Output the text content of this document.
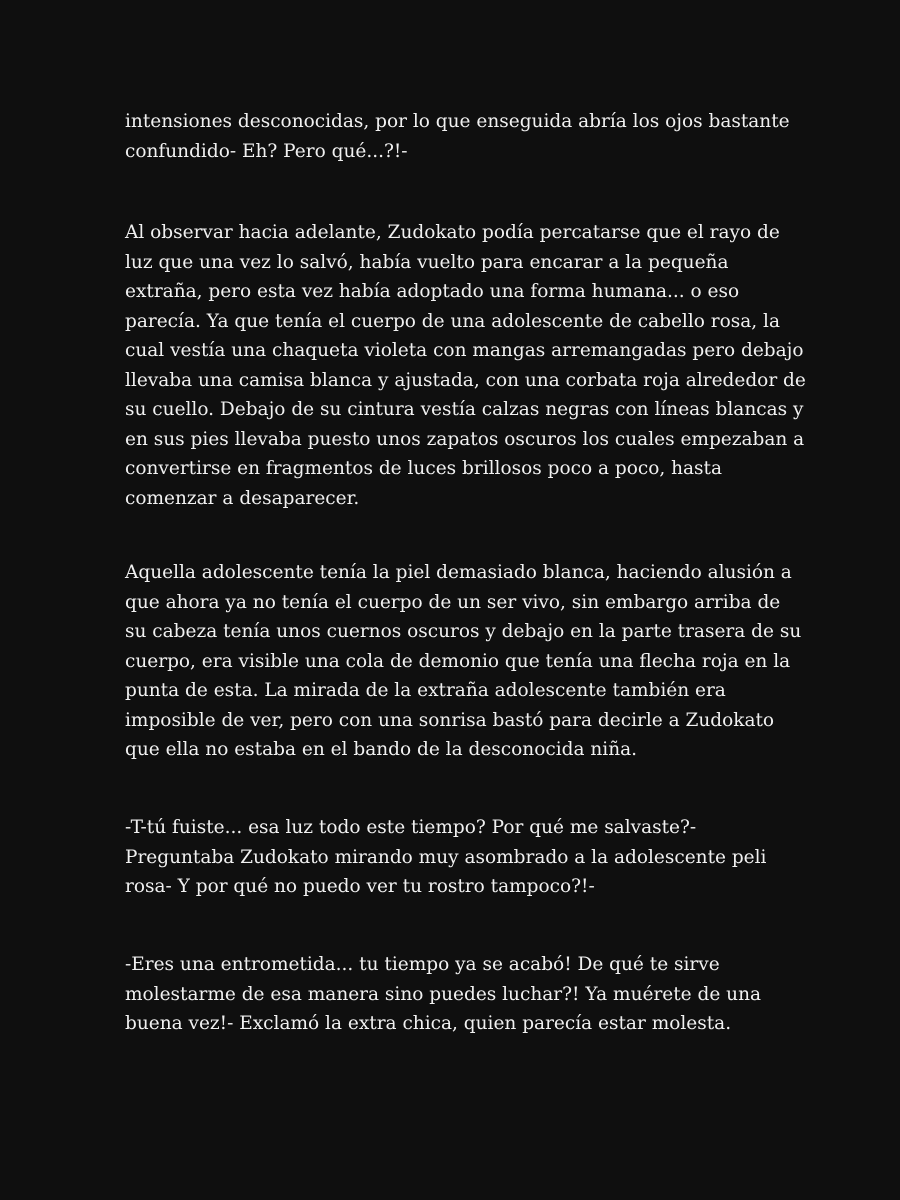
intensiones desconocidas, por lo que enseguida abría los ojos bastante
confundido- Eh? Pero qué...?!-

Al observar hacia adelante, Zudokato podía percatarse que el rayo de
luz que una vez lo salvó, había vuelto para encarar a la pequeña
extraña, pero esta vez había adoptado una forma humana... o eso
parecía. Ya que tenía el cuerpo de una adolescente de cabello rosa, la
cual vestía una chaqueta violeta con mangas arremangadas pero debajo
llevaba una camisa blanca y ajustada, con una corbata roja alrededor de
su cuello. Debajo de su cintura vestía calzas negras con líneas blancas y
en sus pies llevaba puesto unos zapatos oscuros los cuales empezaban a
convertirse en fragmentos de luces brillosos poco a poco, hasta
comenzar a desaparecer.

Aquella adolescente tenía la piel demasiado blanca, haciendo alusión a
que ahora ya no tenía el cuerpo de un ser vivo, sin embargo arriba de
su cabeza tenía unos cuernos oscuros y debajo en la parte trasera de su
cuerpo, era visible una cola de demonio que tenía una flecha roja en la
punta de esta. La mirada de la extraña adolescente también era
imposible de ver, pero con una sonrisa bastó para decirle a Zudokato
que ella no estaba en el bando de la desconocida niña.

-T-tú fuiste... esa luz todo este tiempo? Por qué me salvaste?-
Preguntaba Zudokato mirando muy asombrado a la adolescente peli
rosa- Y por qué no puedo ver tu rostro tampoco?!-

-Eres una entrometida... tu tiempo ya se acabó! De qué te sirve
molestarme de esa manera sino puedes luchar?! Ya muérete de una
buena vez!- Exclamó la extra chica, quien parecía estar molesta.
